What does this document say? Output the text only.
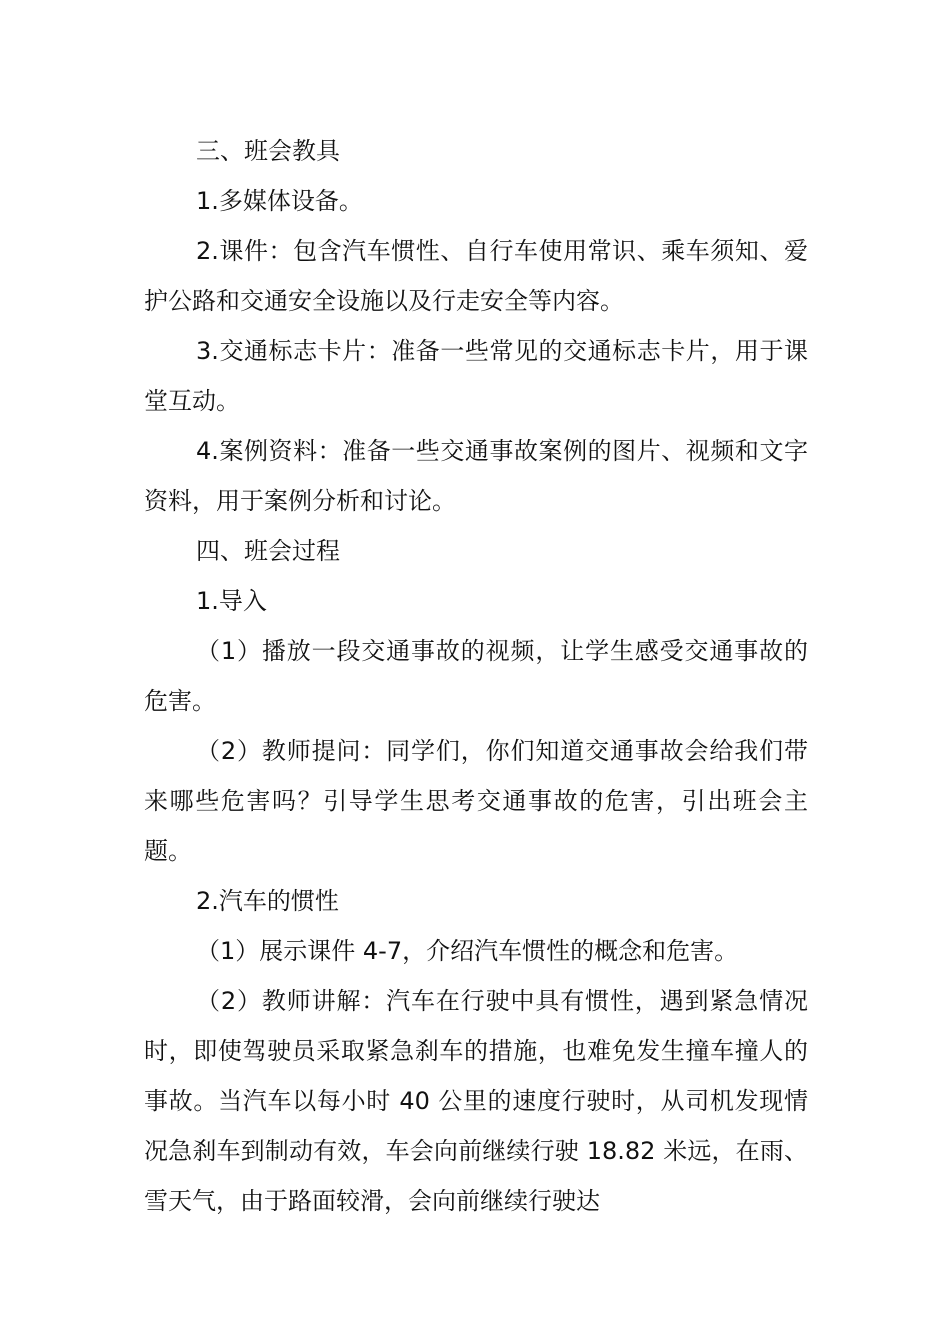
三、班会教具

1.多媒体设备。

2.课件：包含汽车惯性、自行车使用常识、乘车须知、爱护公路和交通安全设施以及行走安全等内容。

3.交通标志卡片：准备一些常见的交通标志卡片，用于课堂互动。

4.案例资料：准备一些交通事故案例的图片、视频和文字资料，用于案例分析和讨论。

四、班会过程

1.导入

（1）播放一段交通事故的视频，让学生感受交通事故的危害。

（2）教师提问：同学们，你们知道交通事故会给我们带来哪些危害吗？引导学生思考交通事故的危害，引出班会主题。

2.汽车的惯性

（1）展示课件 4-7，介绍汽车惯性的概念和危害。

（2）教师讲解：汽车在行驶中具有惯性，遇到紧急情况时，即使驾驶员采取紧急刹车的措施，也难免发生撞车撞人的事故。当汽车以每小时 40 公里的速度行驶时，从司机发现情况急刹车到制动有效，车会向前继续行驶 18.82 米远，在雨、雪天气，由于路面较滑，会向前继续行驶达
